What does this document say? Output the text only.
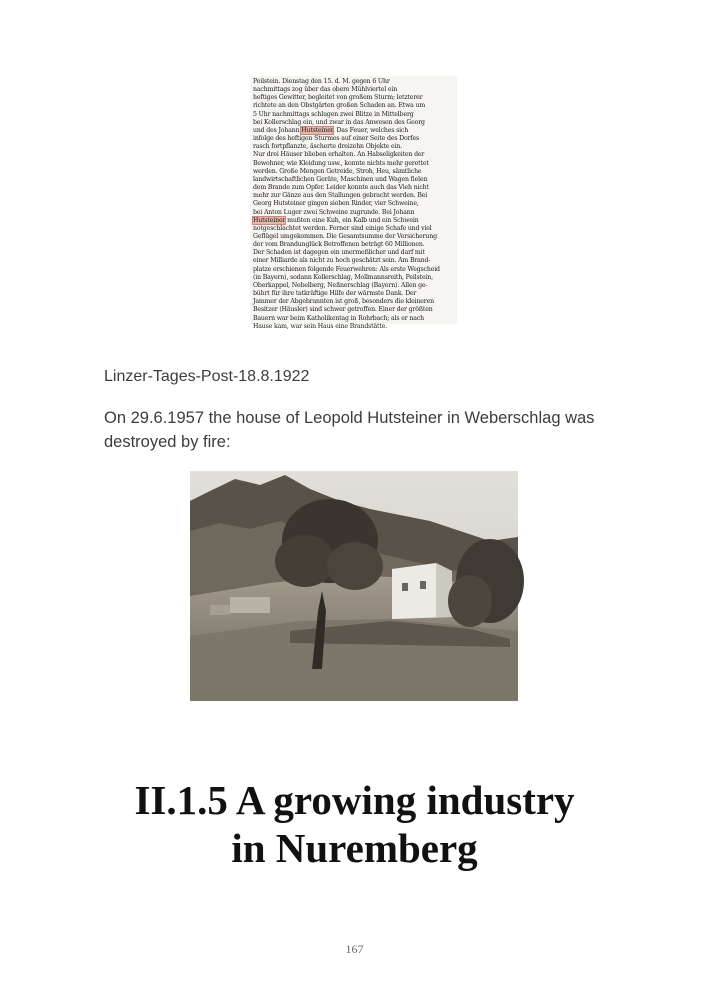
Peilstein. Dienstag den 15. d. M. gegen 6 Uhr
nachmittags zog über das obere Mühlviertel ein
heftiges Gewitter, begleitet von großem Sturm; letzterer
richtete an den Obstgärten großen Schaden an. Etwa um
5 Uhr nachmittags schlugen zwei Blitze in Mittelberg
bei Kollerschlag ein, und zwar in das Anwesen des Georg
und des Johann Hutsteiner. Das Feuer, welches sich
infolge des heftigen Sturmes auf einer Seite des Dorfes
rasch fortpflanzte, äscherte dreizehn Objekte ein.
Nur drei Häuser blieben erhalten. An Habseligkeiten der
Bewohner, wie Kleidung usw., konnte nichts mehr gerettet
werden. Große Mengen Getreide, Stroh, Heu, sämtliche
landwirtschaftlichen Geräte, Maschinen und Wagen fielen
dem Brande zum Opfer. Leider konnte auch das Vieh nicht
mehr zur Gänze aus den Stallungen gebracht werden. Bei
Georg Hutsteiner gingen sieben Rinder, vier Schweine,
bei Anton Luger zwei Schweine zugrunde. Bei Johann
Hutsteiner mußten eine Kuh, ein Kalb und ein Schwein
notgeschlachtet werden. Ferner sind einige Schafe und viel
Geflügel umgekommen. Die Gesamtsumme der Versicherung
der vom Brandunglück Betroffenen beträgt 60 Millionen.
Der Schaden ist dagegen ein unermeßlicher und darf mit
einer Milliarde als nicht zu hoch geschätzt sein. Am Brand-
platze erschienen folgende Feuerwehren: Als erste Wegscheid
(in Bayern), sodann Kollerschlag, Mollmannsreith, Peilstein,
Oberkappel, Nebelberg, Neßnerschlag (Bayern). Allen ge-
bührt für ihre tatkräftige Hilfe der wärmste Dank. Der
Jammer der Abgebrannten ist groß, besonders die kleineren
Besitzer (Häusler) sind schwer getroffen. Einer der größten
Bauern war beim Katholikentag in Rohrbach; als er nach
Hause kam, war sein Haus eine Brandstätte.
Linzer-Tages-Post-18.8.1922
On 29.6.1957 the house of Leopold Hutsteiner in Weberschlag was destroyed by fire:
II.1.5 A growing industry
in Nuremberg
167
